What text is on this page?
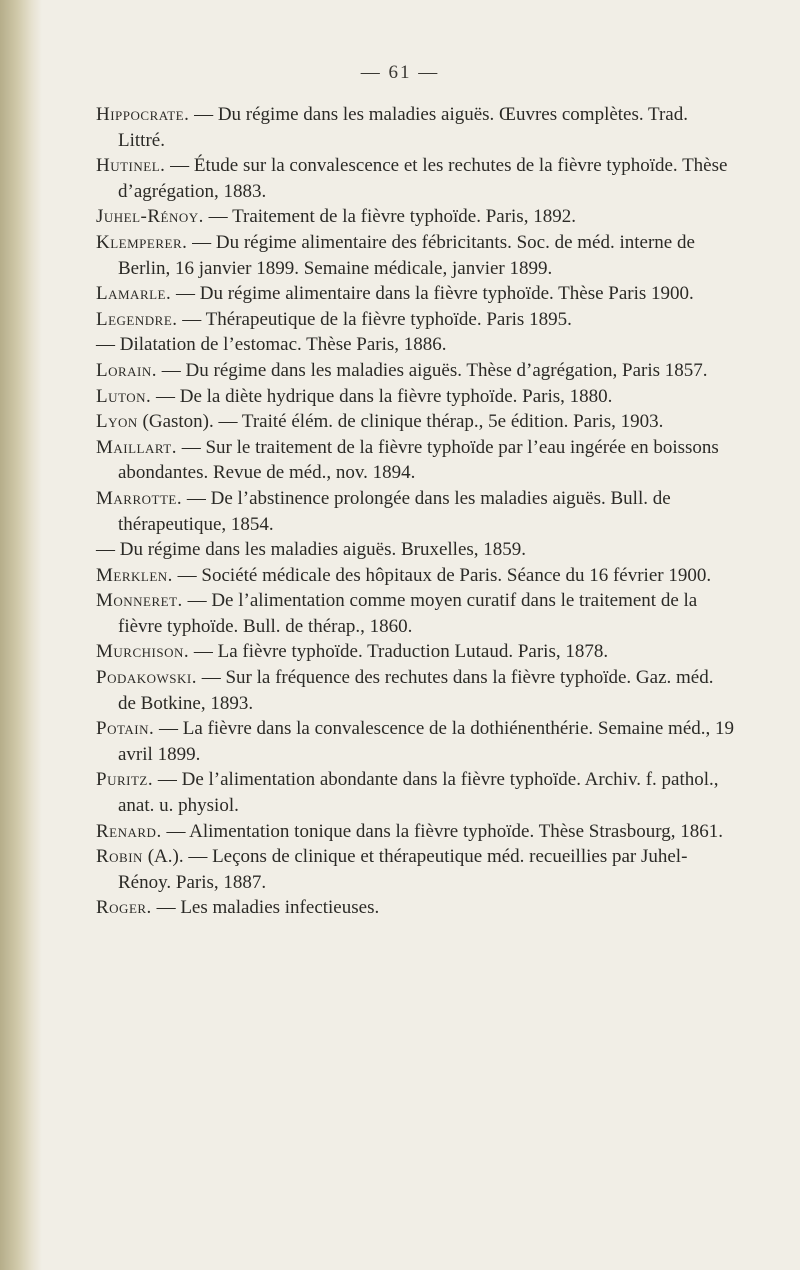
— 61 —
Hippocrate. — Du régime dans les maladies aiguës. Œuvres complètes. Trad. Littré.
Hutinel. — Étude sur la convalescence et les rechutes de la fièvre typhoïde. Thèse d’agrégation, 1883.
Juhel-Rénoy. — Traitement de la fièvre typhoïde. Paris, 1892.
Klemperer. — Du régime alimentaire des fébricitants. Soc. de méd. interne de Berlin, 16 janvier 1899. Semaine médicale, janvier 1899.
Lamarle. — Du régime alimentaire dans la fièvre typhoïde. Thèse Paris 1900.
Legendre. — Thérapeutique de la fièvre typhoïde. Paris 1895.
— Dilatation de l’estomac. Thèse Paris, 1886.
Lorain. — Du régime dans les maladies aiguës. Thèse d’agrégation, Paris 1857.
Luton. — De la diète hydrique dans la fièvre typhoïde. Paris, 1880.
Lyon (Gaston). — Traité élém. de clinique thérap., 5e édition. Paris, 1903.
Maillart. — Sur le traitement de la fièvre typhoïde par l’eau ingérée en boissons abondantes. Revue de méd., nov. 1894.
Marrotte. — De l’abstinence prolongée dans les maladies aiguës. Bull. de thérapeutique, 1854.
— Du régime dans les maladies aiguës. Bruxelles, 1859.
Merklen. — Société médicale des hôpitaux de Paris. Séance du 16 février 1900.
Monneret. — De l’alimentation comme moyen curatif dans le traitement de la fièvre typhoïde. Bull. de thérap., 1860.
Murchison. — La fièvre typhoïde. Traduction Lutaud. Paris, 1878.
Podakowski. — Sur la fréquence des rechutes dans la fièvre typhoïde. Gaz. méd. de Botkine, 1893.
Potain. — La fièvre dans la convalescence de la dothiénenthérie. Semaine méd., 19 avril 1899.
Puritz. — De l’alimentation abondante dans la fièvre typhoïde. Archiv. f. pathol., anat. u. physiol.
Renard. — Alimentation tonique dans la fièvre typhoïde. Thèse Strasbourg, 1861.
Robin (A.). — Leçons de clinique et thérapeutique méd. recueillies par Juhel-Rénoy. Paris, 1887.
Roger. — Les maladies infectieuses.
